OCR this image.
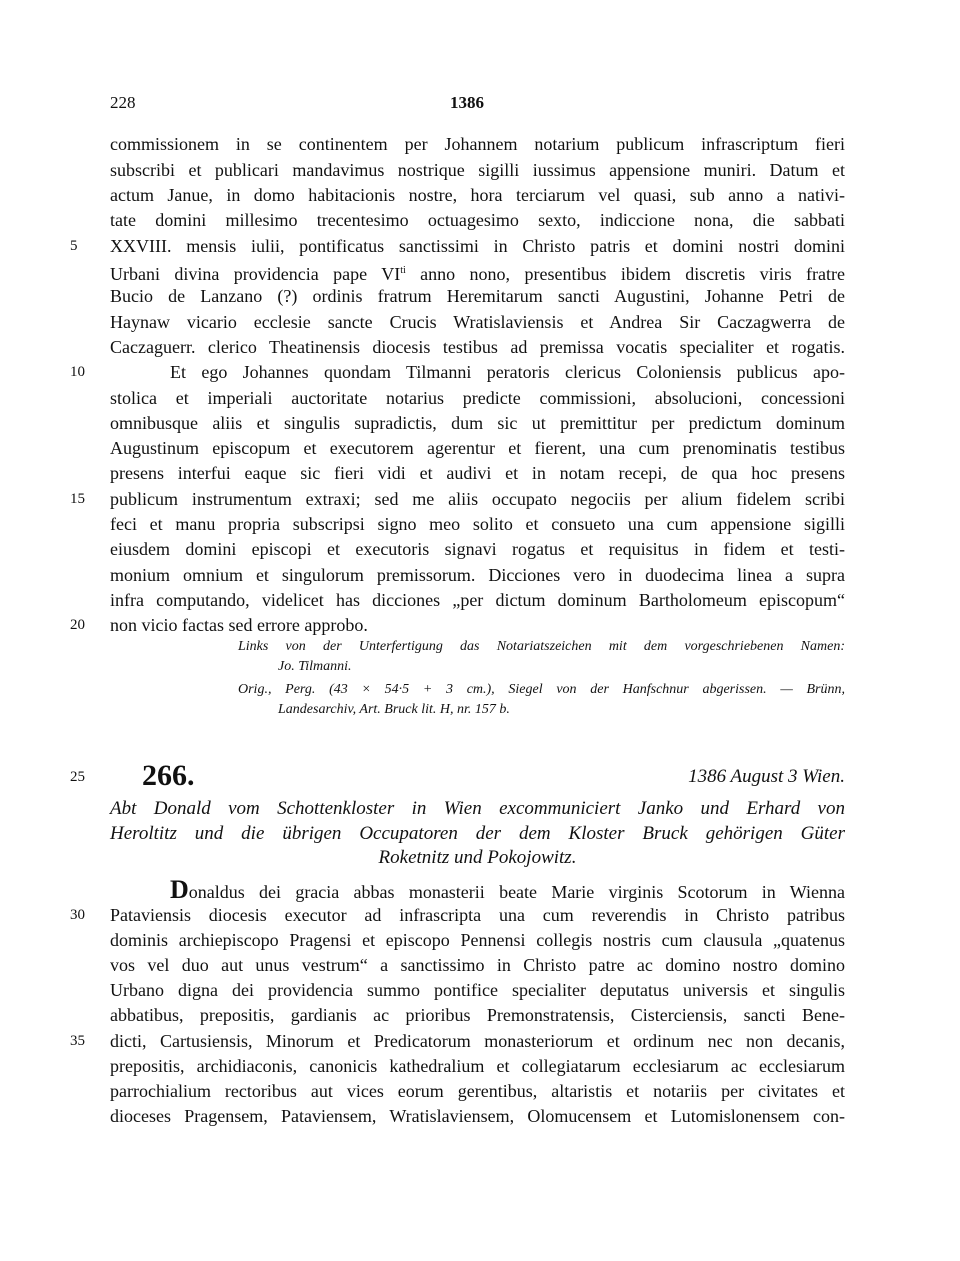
228	1386
commissionem in se continentem per Johannem notarium publicum infrascriptum fieri
subscribi et publicari mandavimus nostrique sigilli iussimus appensione muniri. Datum et
actum Janue, in domo habitacionis nostre, hora terciarum vel quasi, sub anno a nativi-
tate domini millesimo trecentesimo octuagesimo sexto, indiccione nona, die sabbati
5	XXVIII. mensis iulii, pontificatus sanctissimi in Christo patris et domini nostri domini
Urbani divina providencia pape $VI^{ti}$ anno nono, presentibus ibidem discretis viris fratre
Bucio de Lanzano (?) ordinis fratrum Heremitarum sancti Augustini, Johanne Petri de
Haynaw vicario ecclesie sancte Crucis Wratislaviensis et Andrea Sir Caczagwerra de
Caczaguerr. clerico Theatinensis diocesis testibus ad premissa vocatis specialiter et rogatis.
10	Et ego Johannes quondam Tilmanni peratoris clericus Coloniensis publicus apo-
stolica et imperiali auctoritate notarius predicte commissioni, absolucioni, concessioni
omnibusque aliis et singulis supradictis, dum sic ut premittitur per predictum dominum
Augustinum episcopum et executorem agerentur et fierent, una cum prenominatis testibus
presens interfui eaque sic fieri vidi et audivi et in notam recepi, de qua hoc presens
15	publicum instrumentum extraxi; sed me aliis occupato negociis per alium fidelem scribi
feci et manu propria subscripsi signo meo solito et consueto una cum appensione sigilli
eiusdem domini episcopi et executoris signavi rogatus et requisitus in fidem et testi-
monium omnium et singulorum premissorum. Dicciones vero in duodecima linea a supra
infra computando, videlicet has dicciones „per dictum dominum Bartholomeum episcopum“
20	non vicio factas sed errore approbo.
Links von der Unterfertigung das Notariatszeichen mit dem vorgeschriebenen Namen:
Jo. Tilmanni.
Orig., Perg. (43 × 54·5 + 3 cm.), Siegel von der Hanfschnur abgerissen. — Brünn,
Landesarchiv, Art. Bruck lit. H, nr. 157 b.
25	266.	1386 August 3 Wien.
Abt Donald vom Schottenkloster in Wien excommuniciert Janko und Erhard von
Heroltitz und die übrigen Occupatoren der dem Kloster Bruck gehörigen Güter
Roketnitz und Pokojowitz.
Donaldus dei gracia abbas monasterii beate Marie virginis Scotorum in Wienna
30	Pataviensis diocesis executor ad infrascripta una cum reverendis in Christo patribus
dominis archiepiscopo Pragensi et episcopo Pennensi collegis nostris cum clausula „quatenus
vos vel duo aut unus vestrum“ a sanctissimo in Christo patre ac domino nostro domino
Urbano digna dei providencia summo pontifice specialiter deputatus universis et singulis
abbatibus, prepositis, gardianis ac prioribus Premonstratensis, Cisterciensis, sancti Bene-
35	dicti, Cartusiensis, Minorum et Predicatorum monasteriorum et ordinum nec non decanis,
prepositis, archidiaconis, canonicis kathedralium et collegiatarum ecclesiarum ac ecclesiarum
parrochialium rectoribus aut vices eorum gerentibus, altaristis et notariis per civitates et
dioceses Pragensem, Pataviensem, Wratislaviensem, Olomucensem et Lutomislonensem con-
